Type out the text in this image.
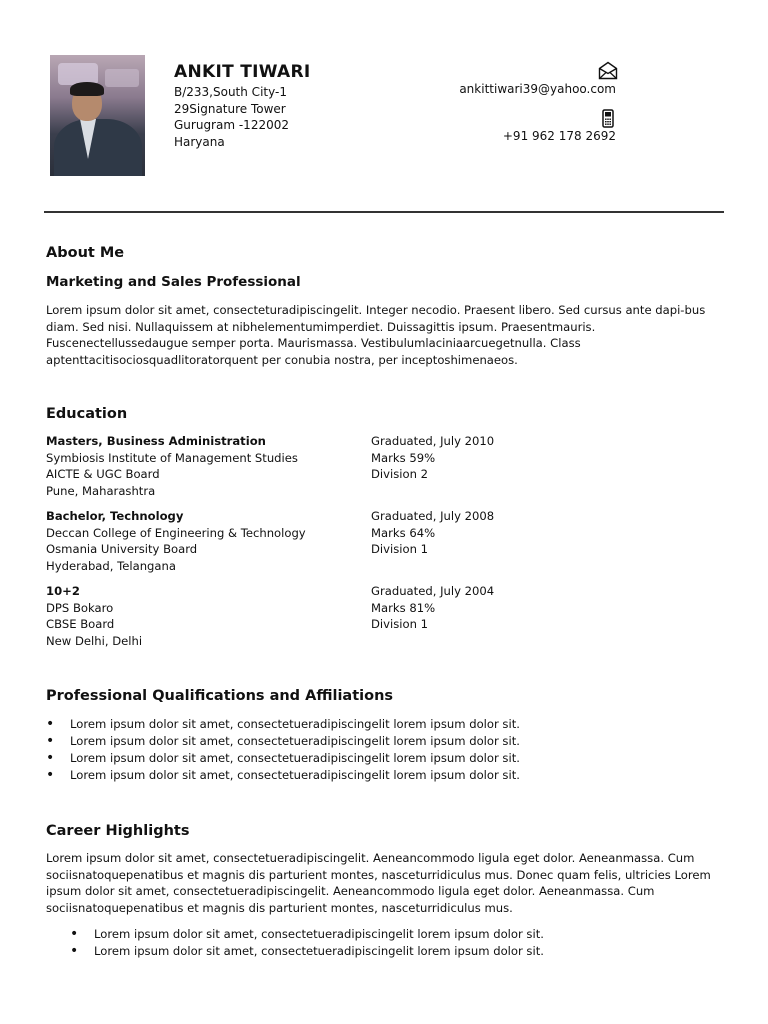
ANKIT TIWARI
B/233,South City-1
29Signature Tower
Gurugram -122002
Haryana
ankittiwari39@yahoo.com
+91 962 178 2692
About Me
Marketing and Sales Professional
Lorem ipsum dolor sit amet, consecteturadipiscingelit. Integer necodio. Praesent libero. Sed cursus ante dapi-bus
diam. Sed nisi. Nullaquissem at nibhelementumimperdiet. Duissagittis ipsum. Praesentmauris.
Fuscenectellussedaugue semper porta. Maurismassa. Vestibulumlaciniaarcuegetnulla. Class
aptenttacitisociosquadlitoratorquent per conubia nostra, per inceptoshimenaeos.
Education
Masters, Business Administration
Symbiosis Institute of Management Studies
AICTE & UGC Board
Pune, Maharashtra
Graduated, July 2010
Marks 59%
Division 2
Bachelor, Technology
Deccan College of Engineering & Technology
Osmania University Board
Hyderabad, Telangana
Graduated, July 2008
Marks 64%
Division 1
10+2
DPS Bokaro
CBSE Board
New Delhi, Delhi
Graduated, July 2004
Marks 81%
Division 1
Professional Qualifications and Affiliations
• Lorem ipsum dolor sit amet, consectetueradipiscingelit lorem ipsum dolor sit.
• Lorem ipsum dolor sit amet, consectetueradipiscingelit lorem ipsum dolor sit.
• Lorem ipsum dolor sit amet, consectetueradipiscingelit lorem ipsum dolor sit.
• Lorem ipsum dolor sit amet, consectetueradipiscingelit lorem ipsum dolor sit.
Career Highlights
Lorem ipsum dolor sit amet, consectetueradipiscingelit. Aeneancommodo ligula eget dolor. Aeneanmassa. Cum
sociisnatoquepenatibus et magnis dis parturient montes, nasceturridiculus mus. Donec quam felis, ultricies Lorem
ipsum dolor sit amet, consectetueradipiscingelit. Aeneancommodo ligula eget dolor. Aeneanmassa. Cum
sociisnatoquepenatibus et magnis dis parturient montes, nasceturridiculus mus.
• Lorem ipsum dolor sit amet, consectetueradipiscingelit lorem ipsum dolor sit.
• Lorem ipsum dolor sit amet, consectetueradipiscingelit lorem ipsum dolor sit.
